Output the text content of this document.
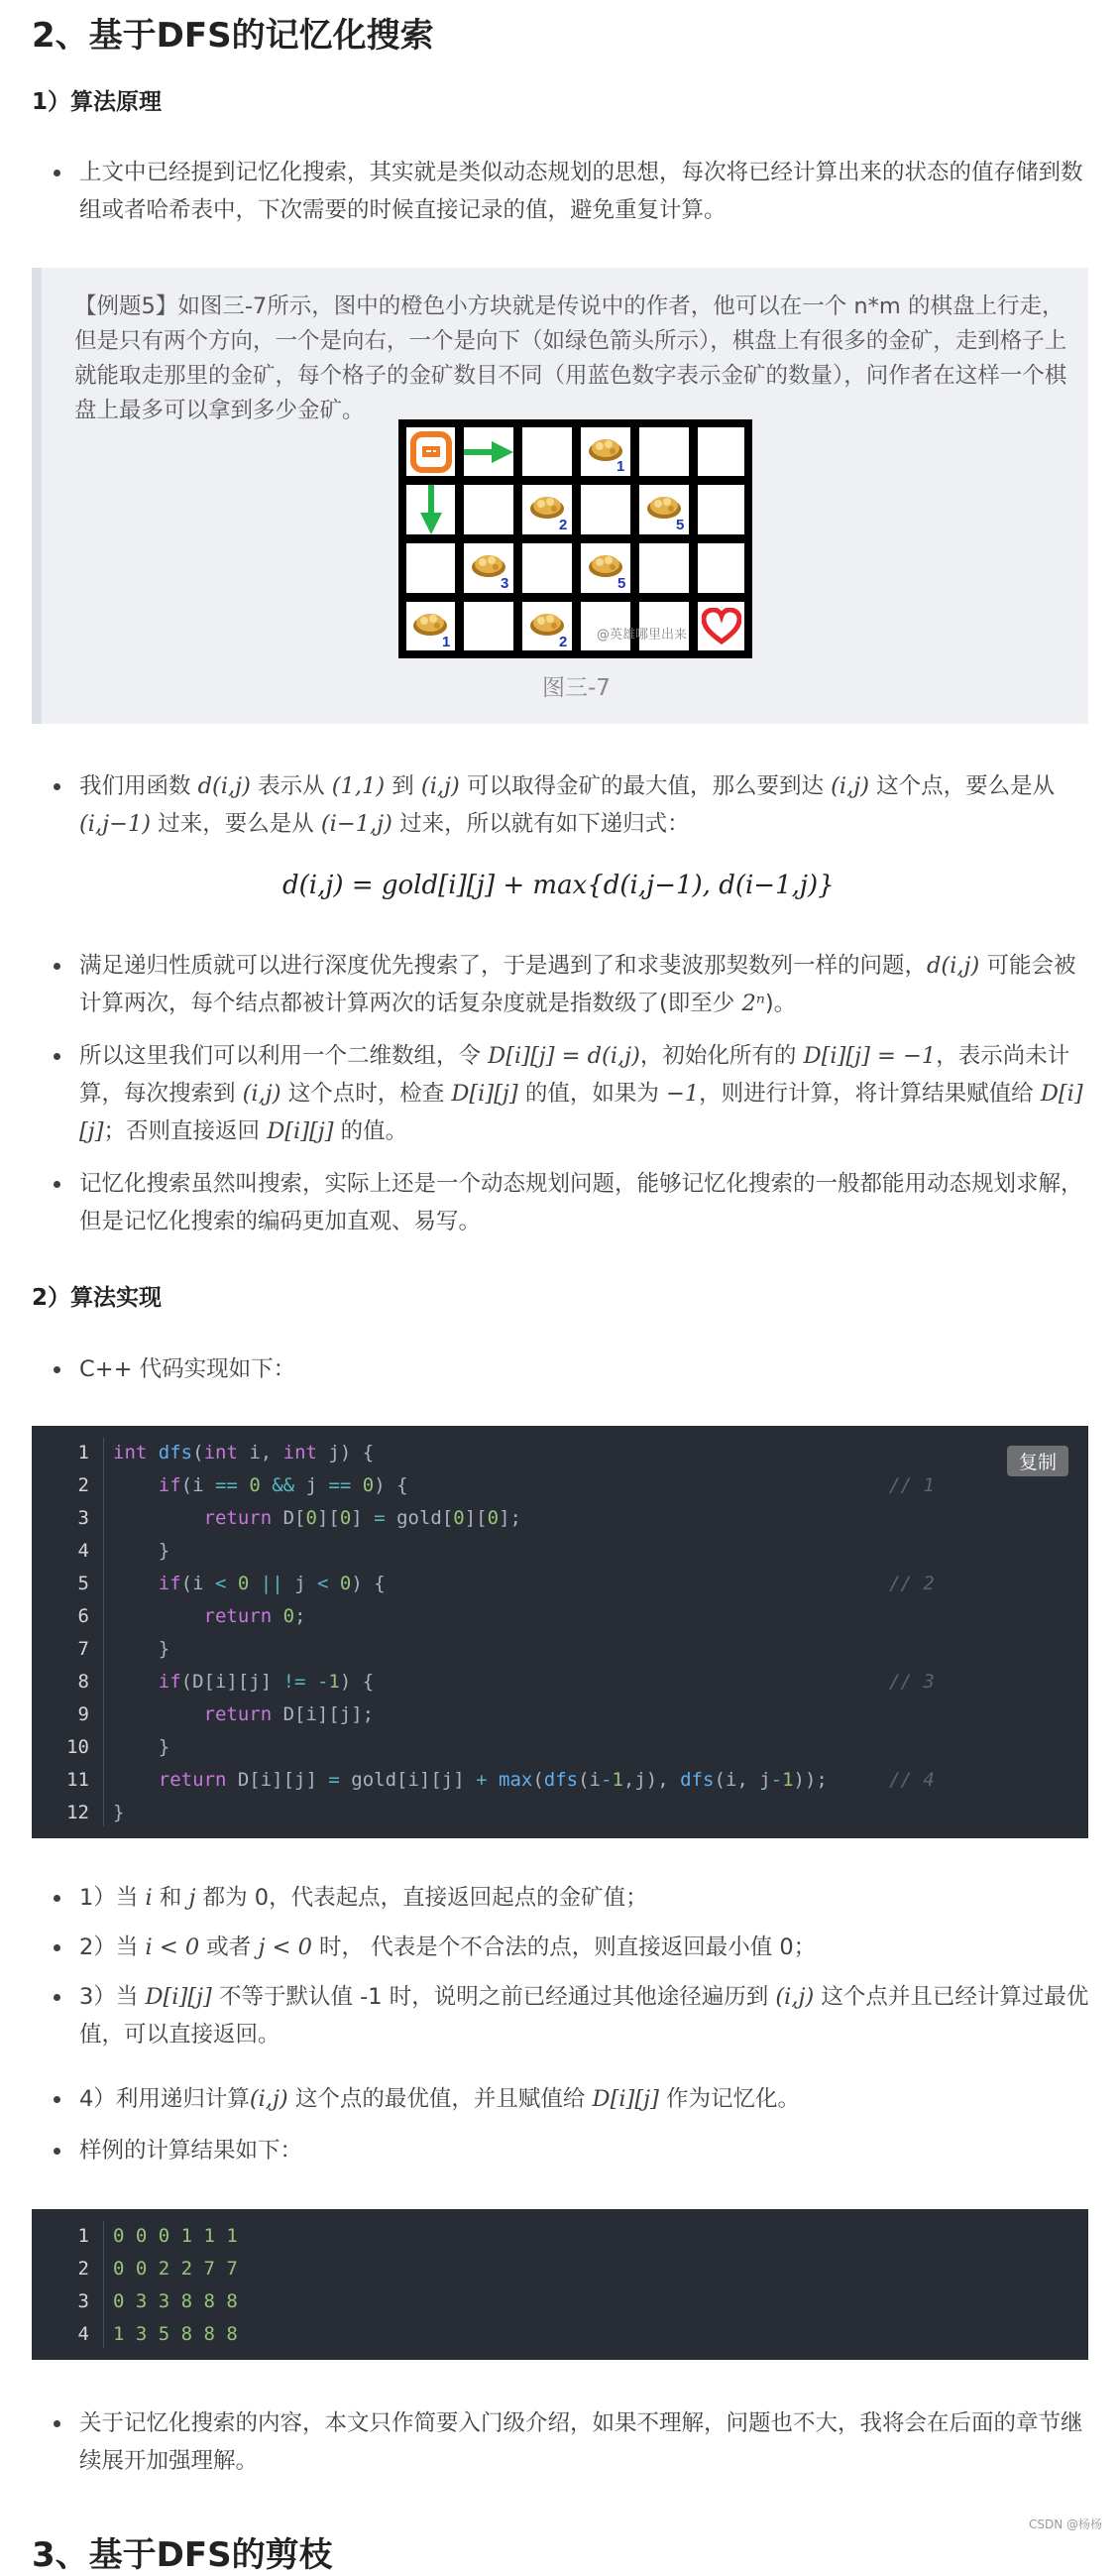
2、基于DFS的记忆化搜索
1）算法原理
上文中已经提到记忆化搜索，其实就是类似动态规划的思想，每次将已经计算出来的状态的值存储到数组或者哈希表中，下次需要的时候直接记录的值，避免重复计算。
【例题5】如图三-7所示，图中的橙色小方块就是传说中的作者，他可以在一个 n*m 的棋盘上行走，但是只有两个方向，一个是向右，一个是向下（如绿色箭头所示），棋盘上有很多的金矿，走到格子上就能取走那里的金矿，每个格子的金矿数目不同（用蓝色数字表示金矿的数量），问作者在这样一个棋盘上最多可以拿到多少金矿。
1
2	5
3	5
1	2 @英雄哪里出来
图三-7
我们用函数 d(i,j) 表示从 (1,1) 到 (i,j) 可以取得金矿的最大值，那么要到达 (i,j) 这个点，要么是从 (i,j−1) 过来，要么是从 (i−1,j) 过来，所以就有如下递归式：
d(i,j) = gold[i][j] + max{d(i,j−1), d(i−1,j)}
满足递归性质就可以进行深度优先搜索了，于是遇到了和求斐波那契数列一样的问题，d(i,j) 可能会被计算两次，每个结点都被计算两次的话复杂度就是指数级了(即至少 2ⁿ)。
所以这里我们可以利用一个二维数组，令 D[i][j] = d(i,j)，初始化所有的 D[i][j] = −1，表示尚未计算，每次搜索到 (i,j) 这个点时，检查 D[i][j] 的值，如果为 −1，则进行计算，将计算结果赋值给 D[i][j]；否则直接返回 D[i][j] 的值。
记忆化搜索虽然叫搜索，实际上还是一个动态规划问题，能够记忆化搜索的一般都能用动态规划求解，但是记忆化搜索的编码更加直观、易写。
2）算法实现
C++ 代码实现如下：
复制
1
2
3
4
5
6
7
8
9
10
11
12
int dfs(int i, int j) {
if(i == 0 && j == 0) {
return D[0][0] = gold[0][0];
}
if(i < 0 || j < 0) {
return 0;
}
if(D[i][j] != -1) {
return D[i][j];
}
return D[i][j] = gold[i][j] + max(dfs(i-1,j), dfs(i, j-1));
}
// 1
// 2
// 3
// 4
1）当 i 和 j 都为 0，代表起点，直接返回起点的金矿值；
2）当 i < 0 或者 j < 0 时， 代表是个不合法的点，则直接返回最小值 0；
3）当 D[i][j] 不等于默认值 -1 时，说明之前已经通过其他途径遍历到 (i,j) 这个点并且已经计算过最优值，可以直接返回。
4）利用递归计算(i,j) 这个点的最优值，并且赋值给 D[i][j] 作为记忆化。
样例的计算结果如下：
1
2
3
4
0 0 0 1 1 1
0 0 2 2 7 7
0 3 3 8 8 8
1 3 5 8 8 8
关于记忆化搜索的内容，本文只作简要入门级介绍，如果不理解，问题也不大，我将会在后面的章节继续展开加强理解。
3、基于DFS的剪枝
CSDN @杨杨
